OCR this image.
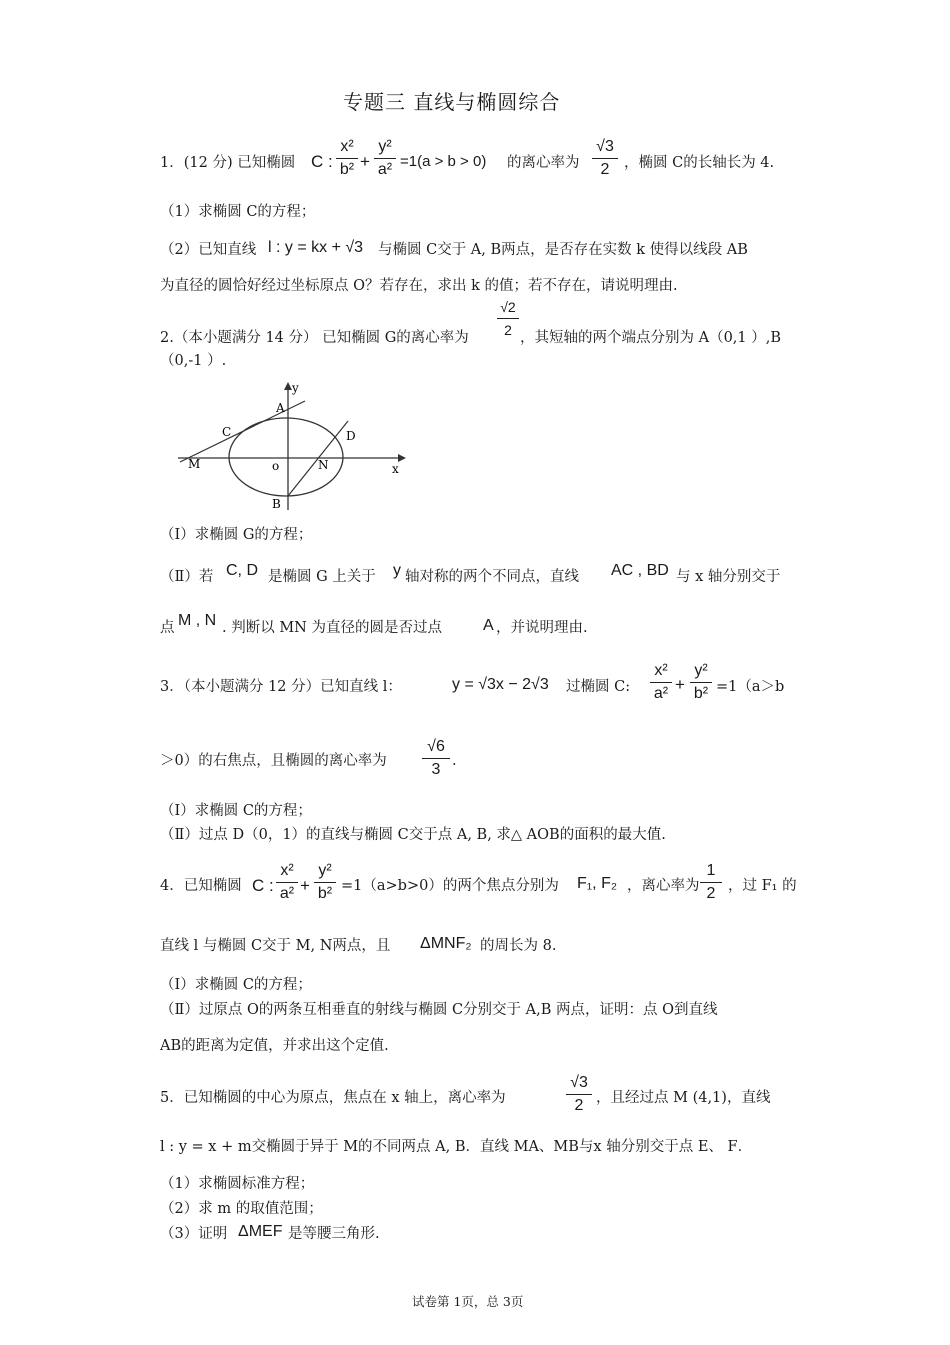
专题三 直线与椭圆综合
1．(12 分) 已知椭圆 C :
x²
b² +
y²
a² =1(a > b > 0) 的离心率为
√3
2	，椭圆 C的长轴长为 4.
（1）求椭圆 C的方程；
（2）已知直线 l : y = kx + √3 与椭圆 C交于 A, B两点，是否存在实数 k 使得以线段 AB
为直径的圆恰好经过坐标原点 O？若存在，求出 k 的值；若不存在，请说明理由.
2.（本小题满分 14 分） 已知椭圆 G的离心率为
√2
2 ，其短轴的两个端点分别为 A（0,1 ）,B
（0,-1 ）.
y
x
A
B
C	D
M	N
o
（Ⅰ）求椭圆 G的方程；
（Ⅱ）若 C, D 是椭圆 G 上关于 y 轴对称的两个不同点，直线 AC , BD 与 x 轴分别交于
点 M , N . 判断以 MN 为直径的圆是否过点	A ，并说明理由.
3．（本小题满分 12 分）已知直线 l：	y = √3x − 2√3 过椭圆 C:
x²
a² +
y²
b² =1（a＞b
＞0）的右焦点，且椭圆的离心率为
√6
3 .
（Ⅰ）求椭圆 C的方程；
（Ⅱ）过点 D（0，1）的直线与椭圆 C交于点 A, B, 求△ AOB的面积的最大值.
4．已知椭圆 C :
x²
a² +
y²
b² =1（a>b>0）的两个焦点分别为 F₁, F₂ ，离心率为
1
2 ，过 F₁ 的
直线 l 与椭圆 C交于 M, N两点，且 ΔMNF₂ 的周长为 8.
（Ⅰ）求椭圆 C的方程；
（Ⅱ）过原点 O的两条互相垂直的射线与椭圆 C分别交于 A,B 两点，证明：点 O到直线
AB的距离为定值，并求出这个定值.
5．已知椭圆的中心为原点，焦点在 x 轴上，离心率为
√3
2 ，且经过点 M (4,1)，直线
l : y = x + m交椭圆于异于 M的不同两点 A, B．直线 MA、MB与x 轴分别交于点 E、 F．
（1）求椭圆标准方程；
（2）求 m 的取值范围；
（3）证明 ΔMEF 是等腰三角形.
试卷第 1页，总 3页
